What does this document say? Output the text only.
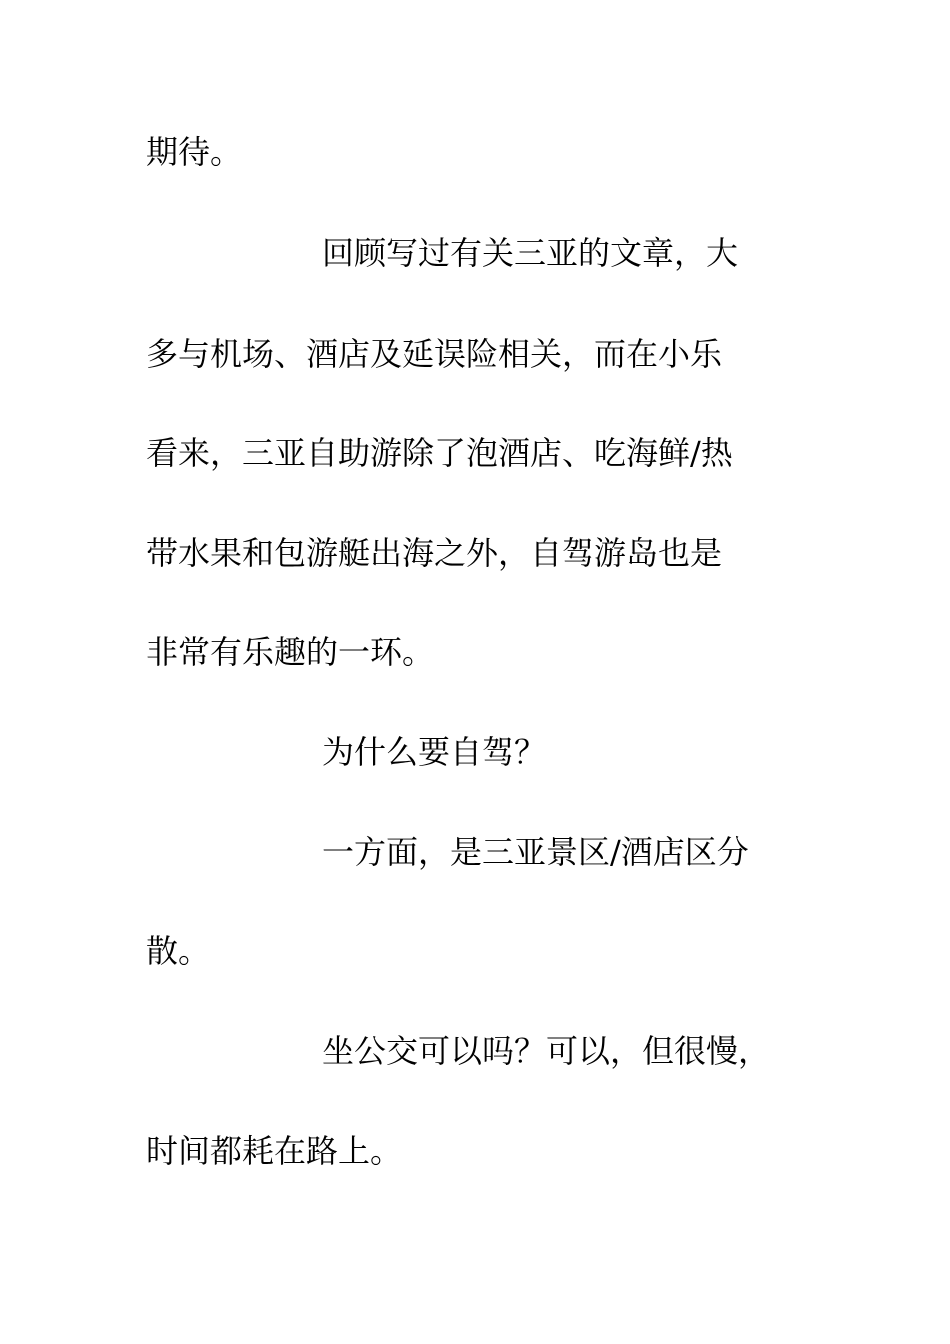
期待。

回顾写过有关三亚的文章，大

多与机场、酒店及延误险相关，而在小乐

看来，三亚自助游除了泡酒店、吃海鲜/热

带水果和包游艇出海之外，自驾游岛也是

非常有乐趣的一环。

为什么要自驾？

一方面，是三亚景区/酒店区分

散。

坐公交可以吗？可以，但很慢，

时间都耗在路上。
